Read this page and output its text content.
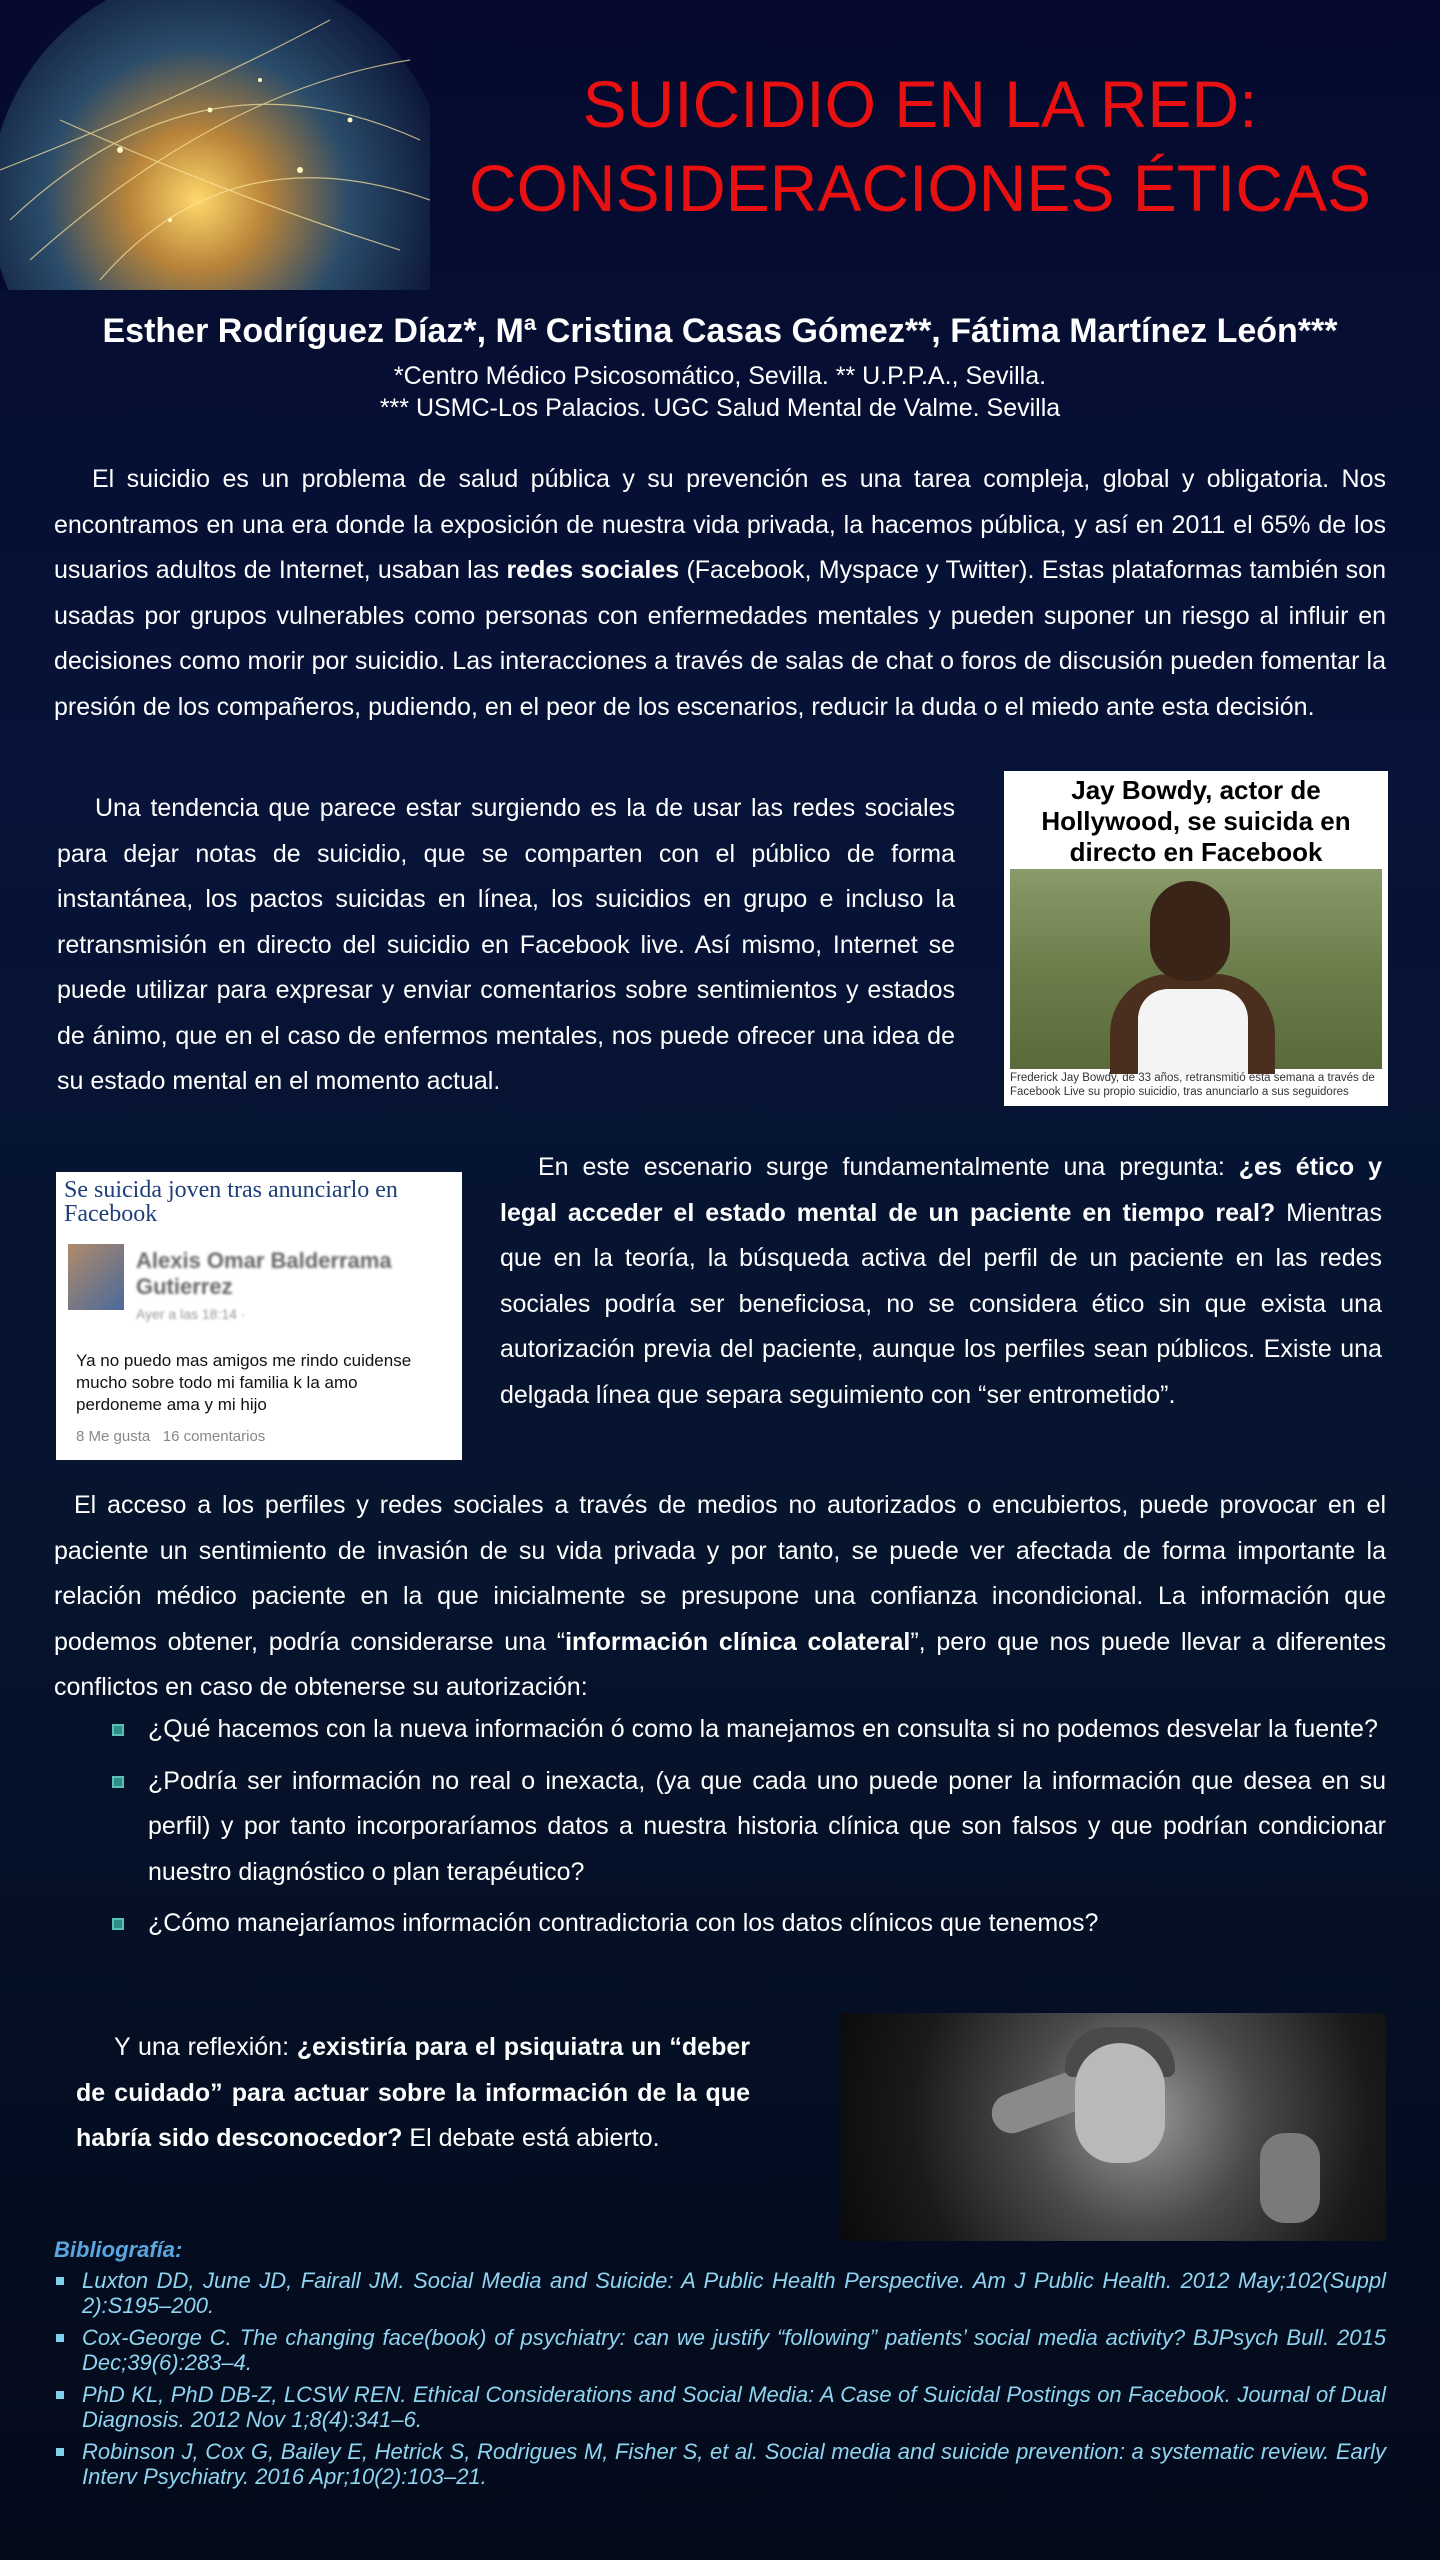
SUICIDIO EN LA RED:
CONSIDERACIONES ÉTICAS
Esther Rodríguez Díaz*, Mª Cristina Casas Gómez**, Fátima Martínez León***
*Centro Médico Psicosomático, Sevilla. ** U.P.P.A., Sevilla.
*** USMC-Los Palacios. UGC Salud Mental de Valme. Sevilla

El suicidio es un problema de salud pública y su prevención es una tarea compleja, global y obligatoria. Nos encontramos en una era donde la exposición de nuestra vida privada, la hacemos pública, y así en 2011 el 65% de los usuarios adultos de Internet, usaban las redes sociales (Facebook, Myspace y Twitter). Estas plataformas también son usadas por grupos vulnerables como personas con enfermedades mentales y pueden suponer un riesgo al influir en decisiones como morir por suicidio. Las interacciones a través de salas de chat o foros de discusión pueden fomentar la presión de los compañeros, pudiendo, en el peor de los escenarios, reducir la duda o el miedo ante esta decisión.

Una tendencia que parece estar surgiendo es la de usar las redes sociales para dejar notas de suicidio, que se comparten con el público de forma instantánea, los pactos suicidas en línea, los suicidios en grupo e incluso la retransmisión en directo del suicidio en Facebook live. Así mismo, Internet se puede utilizar para expresar y enviar comentarios sobre sentimientos y estados de ánimo, que en el caso de enfermos mentales, nos puede ofrecer una idea de su estado mental en el momento actual.

Jay Bowdy, actor de Hollywood, se suicida en directo en Facebook
Frederick Jay Bowdy, de 33 años, retransmitió esta semana a través de Facebook Live su propio suicidio, tras anunciarlo a sus seguidores
Se suicida joven tras anunciarlo en Facebook
Alexis Omar Balderrama Gutierrez
Ayer a las 18:14 ·
Ya no puedo mas amigos me rindo cuidense mucho sobre todo mi familia k la amo perdoneme ama y mi hijo
8 Me gusta 16 comentarios

En este escenario surge fundamentalmente una pregunta: ¿es ético y legal acceder el estado mental de un paciente en tiempo real? Mientras que en la teoría, la búsqueda activa del perfil de un paciente en las redes sociales podría ser beneficiosa, no se considera ético sin que exista una autorización previa del paciente, aunque los perfiles sean públicos. Existe una delgada línea que separa seguimiento con “ser entrometido”.

El acceso a los perfiles y redes sociales a través de medios no autorizados o encubiertos, puede provocar en el paciente un sentimiento de invasión de su vida privada y por tanto, se puede ver afectada de forma importante la relación médico paciente en la que inicialmente se presupone una confianza incondicional. La información que podemos obtener, podría considerarse una “información clínica colateral”, pero que nos puede llevar a diferentes conflictos en caso de obtenerse su autorización:

¿Qué hacemos con la nueva información ó como la manejamos en consulta si no podemos desvelar la fuente?
¿Podría ser información no real o inexacta, (ya que cada uno puede poner la información que desea en su perfil) y por tanto incorporaríamos datos a nuestra historia clínica que son falsos y que podrían condicionar nuestro diagnóstico o plan terapéutico?
¿Cómo manejaríamos información contradictoria con los datos clínicos que tenemos?

Y una reflexión: ¿existiría para el psiquiatra un “deber de cuidado” para actuar sobre la información de la que habría sido desconocedor? El debate está abierto.

Bibliografía:
Luxton DD, June JD, Fairall JM. Social Media and Suicide: A Public Health Perspective. Am J Public Health. 2012 May;102(Suppl 2):S195–200.
Cox-George C. The changing face(book) of psychiatry: can we justify “following” patients’ social media activity? BJPsych Bull. 2015 Dec;39(6):283–4.
PhD KL, PhD DB-Z, LCSW REN. Ethical Considerations and Social Media: A Case of Suicidal Postings on Facebook. Journal of Dual Diagnosis. 2012 Nov 1;8(4):341–6.
Robinson J, Cox G, Bailey E, Hetrick S, Rodrigues M, Fisher S, et al. Social media and suicide prevention: a systematic review. Early Interv Psychiatry. 2016 Apr;10(2):103–21.
